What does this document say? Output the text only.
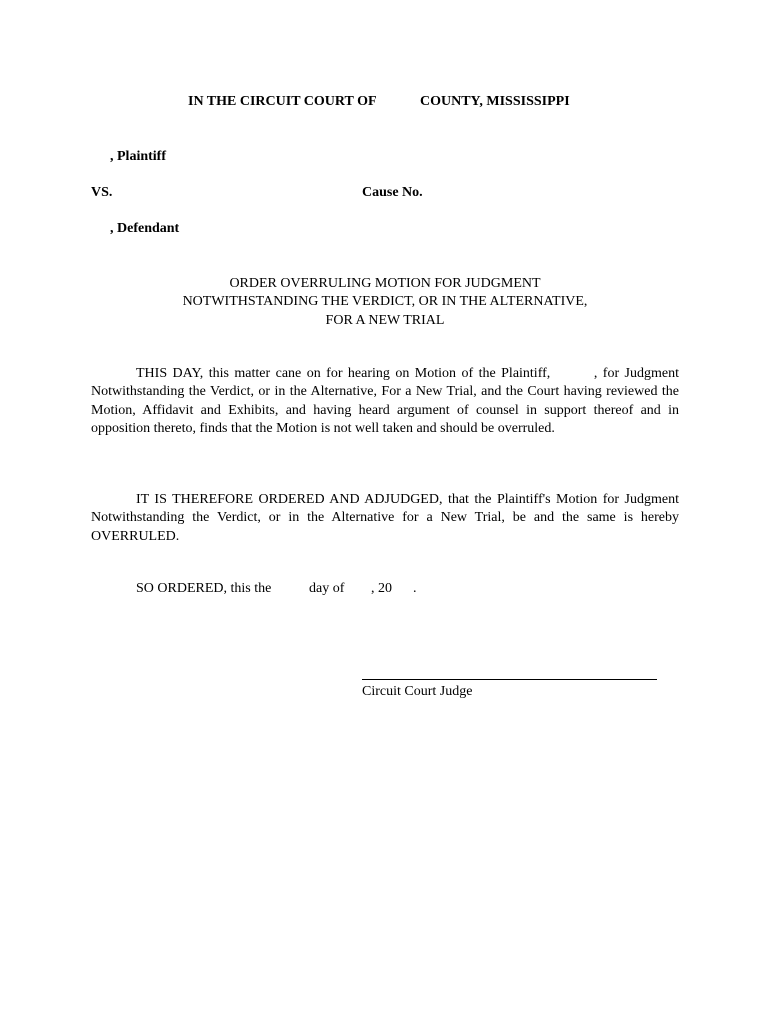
IN THE CIRCUIT COURT OF	COUNTY, MISSISSIPPI
, Plaintiff
VS.	Cause No.
, Defendant
ORDER OVERRULING MOTION FOR JUDGMENT
NOTWITHSTANDING THE VERDICT, OR IN THE ALTERNATIVE,
FOR A NEW TRIAL
THIS DAY, this matter cane on for hearing on Motion of the Plaintiff,        , for Judgment Notwithstanding the Verdict, or in the Alternative, For a New Trial, and the Court having reviewed the Motion, Affidavit and Exhibits, and having heard argument of counsel in support thereof and in opposition thereto, finds that the Motion is not well taken and should be overruled.
IT IS THEREFORE ORDERED AND ADJUDGED, that the Plaintiff's Motion for Judgment Notwithstanding the Verdict, or in the Alternative for a New Trial, be and the same is hereby OVERRULED.
SO ORDERED, this the	day of , 20 .
Circuit Court Judge
